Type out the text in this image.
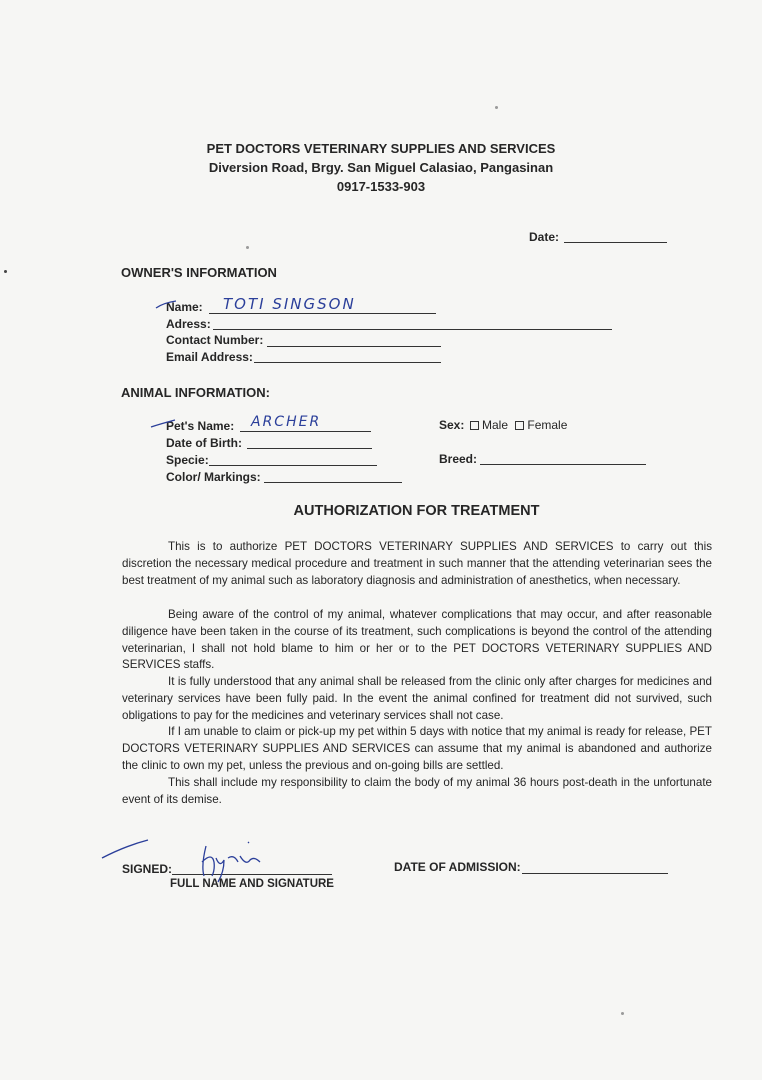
PET DOCTORS VETERINARY SUPPLIES AND SERVICES
Diversion Road, Brgy. San Miguel Calasiao, Pangasinan
0917-1533-903
Date:
OWNER'S INFORMATION
Name: TOTI SINGSON
Adress:
Contact Number:
Email Address:
ANIMAL INFORMATION:
Pet's Name: ARCHER
Date of Birth:
Specie:
Color/ Markings:
Sex:	Male Female
Breed:
AUTHORIZATION FOR TREATMENT

This is to authorize PET DOCTORS VETERINARY SUPPLIES AND SERVICES to carry out this discretion the necessary medical procedure and treatment in such manner that the attending veterinarian sees the best treatment of my animal such as laboratory diagnosis and administration of anesthetics, when necessary.

Being aware of the control of my animal, whatever complications that may occur, and after reasonable diligence have been taken in the course of its treatment, such complications is beyond the control of the attending veterinarian, I shall not hold blame to him or her or to the PET DOCTORS VETERINARY SUPPLIES AND SERVICES staffs.

It is fully understood that any animal shall be released from the clinic only after charges for medicines and veterinary services have been fully paid. In the event the animal confined for treatment did not survived, such obligations to pay for the medicines and veterinary services shall not case.

If I am unable to claim or pick-up my pet within 5 days with notice that my animal is ready for release, PET DOCTORS VETERINARY SUPPLIES AND SERVICES can assume that my animal is abandoned and authorize the clinic to own my pet, unless the previous and on-going bills are settled.

This shall include my responsibility to claim the body of my animal 36 hours post-death in the unfortunate event of its demise.

SIGNED:
FULL NAME AND SIGNATURE
DATE OF ADMISSION:
